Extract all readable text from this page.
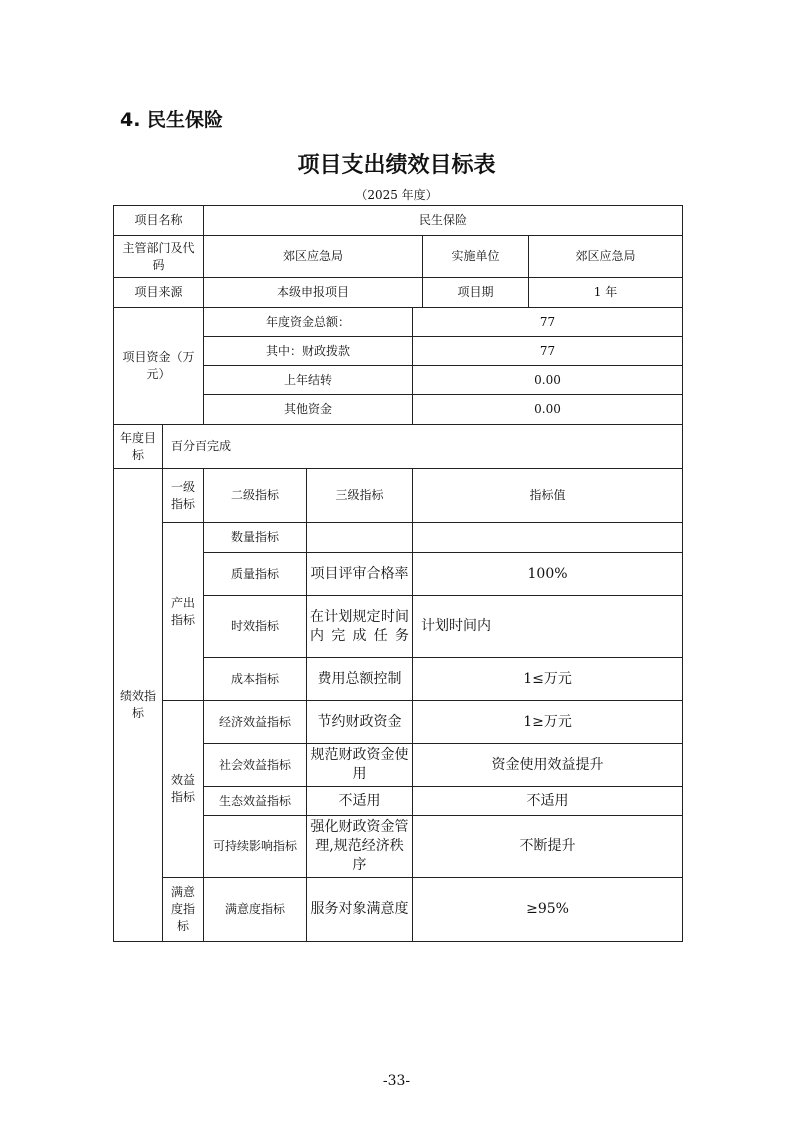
4. 民生保险
项目支出绩效目标表
（2025 年度）
项目名称		民生保险				
主管部门及代码		郊区应急局			实施单位	郊区应急局
项目来源		本级申报项目			项目期	1 年
项目资金（万元）		年度资金总额：		77		
		其中：财政拨款		77		
		上年结转		0.00		
		其他资金		0.00		
年度目标	百分百完成					
绩效指标	一级指标	二级指标	三级指标	指标值		
	产出指标	数量指标				
		质量指标	项目评审合格率	100%		
		时效指标	在计划规定时间内完成任务	计划时间内		
		成本指标	费用总额控制	1≤万元		
	效益指标	经济效益指标	节约财政资金	1≥万元		
		社会效益指标	规范财政资金使用	资金使用效益提升		
		生态效益指标	不适用	不适用		
		可持续影响指标	强化财政资金管理,规范经济秩序	不断提升		
	满意度指标	满意度指标	服务对象满意度	≥95%		
-33-
